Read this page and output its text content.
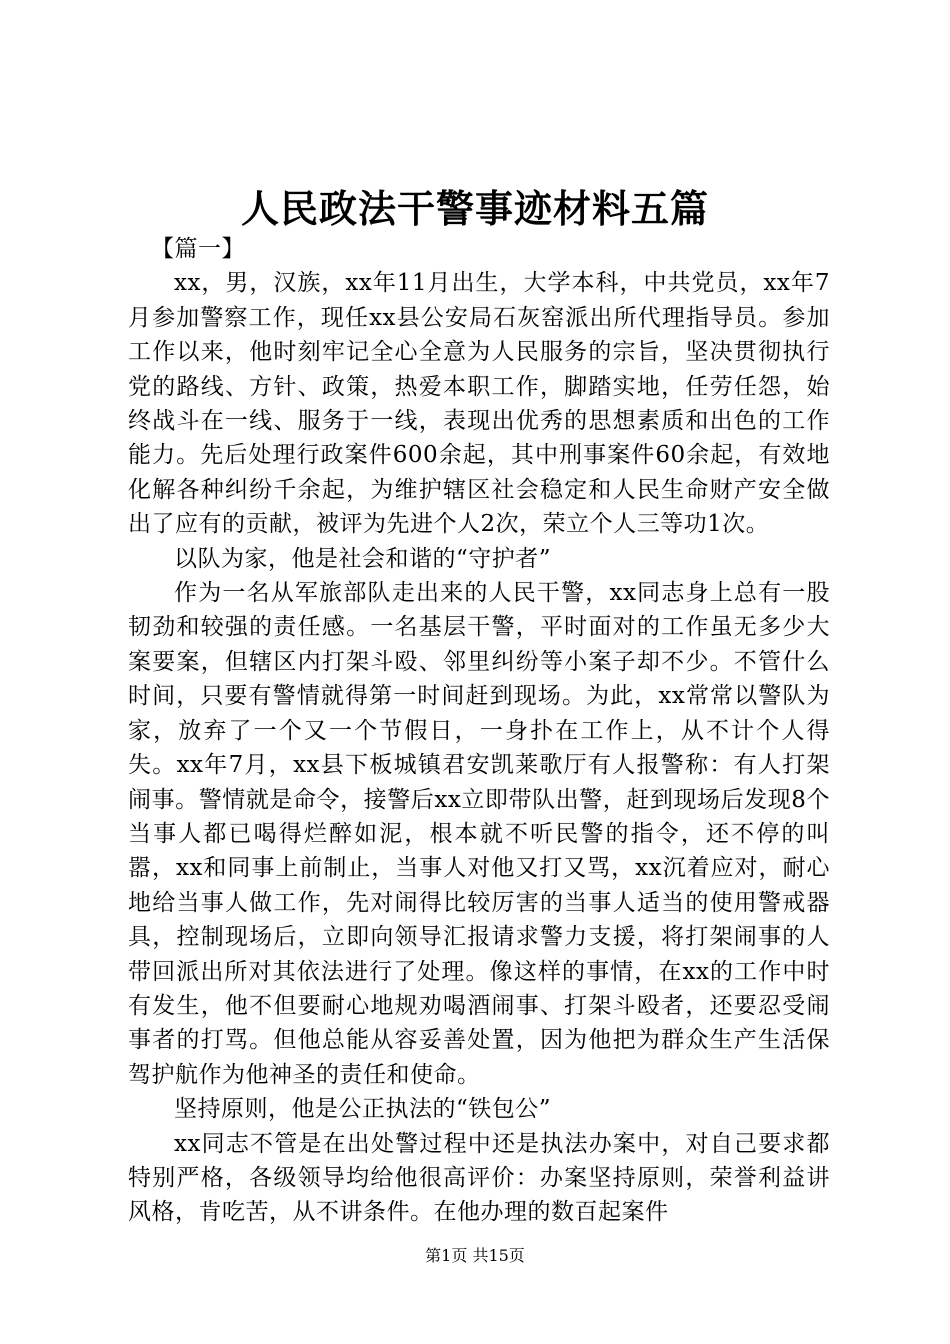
人民政法干警事迹材料五篇
【篇一】

xx，男，汉族，xx年11月出生，大学本科，中共党员，xx年7月参加警察工作，现任xx县公安局石灰窑派出所代理指导员。参加工作以来，他时刻牢记全心全意为人民服务的宗旨，坚决贯彻执行党的路线、方针、政策，热爱本职工作，脚踏实地，任劳任怨，始终战斗在一线、服务于一线，表现出优秀的思想素质和出色的工作能力。先后处理行政案件600余起，其中刑事案件60余起，有效地化解各种纠纷千余起，为维护辖区社会稳定和人民生命财产安全做出了应有的贡献，被评为先进个人2次，荣立个人三等功1次。

以队为家，他是社会和谐的“守护者”

作为一名从军旅部队走出来的人民干警，xx同志身上总有一股韧劲和较强的责任感。一名基层干警，平时面对的工作虽无多少大案要案，但辖区内打架斗殴、邻里纠纷等小案子却不少。不管什么时间，只要有警情就得第一时间赶到现场。为此，xx常常以警队为家，放弃了一个又一个节假日，一身扑在工作上，从不计个人得失。xx年7月，xx县下板城镇君安凯莱歌厅有人报警称：有人打架闹事。警情就是命令，接警后xx立即带队出警，赶到现场后发现8个当事人都已喝得烂醉如泥，根本就不听民警的指令，还不停的叫嚣，xx和同事上前制止，当事人对他又打又骂，xx沉着应对，耐心地给当事人做工作，先对闹得比较厉害的当事人适当的使用警戒器具，控制现场后，立即向领导汇报请求警力支援，将打架闹事的人带回派出所对其依法进行了处理。像这样的事情，在xx的工作中时有发生，他不但要耐心地规劝喝酒闹事、打架斗殴者，还要忍受闹事者的打骂。但他总能从容妥善处置，因为他把为群众生产生活保驾护航作为他神圣的责任和使命。

坚持原则，他是公正执法的“铁包公”

xx同志不管是在出处警过程中还是执法办案中，对自己要求都特别严格，各级领导均给他很高评价：办案坚持原则，荣誉利益讲风格，肯吃苦，从不讲条件。在他办理的数百起案件

第1页 共15页
